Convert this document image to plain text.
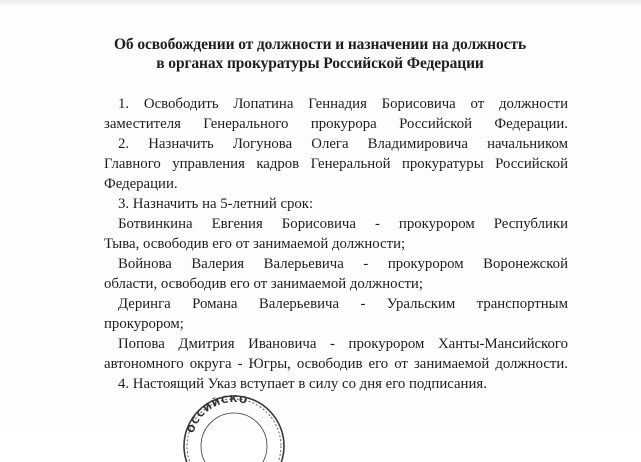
Об освобождении от должности и назначении на должность
в органах прокуратуры Российской Федерации
1. Освободить Лопатина Геннадия Борисовича от должности
заместителя Генерального прокурора Российской Федерации.
2. Назначить Логунова Олега Владимировича начальником
Главного управления кадров Генеральной прокуратуры Российской
Федерации.
3. Назначить на 5-летний срок:
Ботвинкина Евгения Борисовича - прокурором Республики
Тыва, освободив его от занимаемой должности;
Войнова Валерия Валерьевича - прокурором Воронежской
области, освободив его от занимаемой должности;
Деринга Романа Валерьевича - Уральским транспортным
прокурором;
Попова Дмитрия Ивановича - прокурором Ханты-Мансийского
автономного округа - Югры, освободив его от занимаемой должности.
4. Настоящий Указ вступает в силу со дня его подписания.
ОССИЙСКО
